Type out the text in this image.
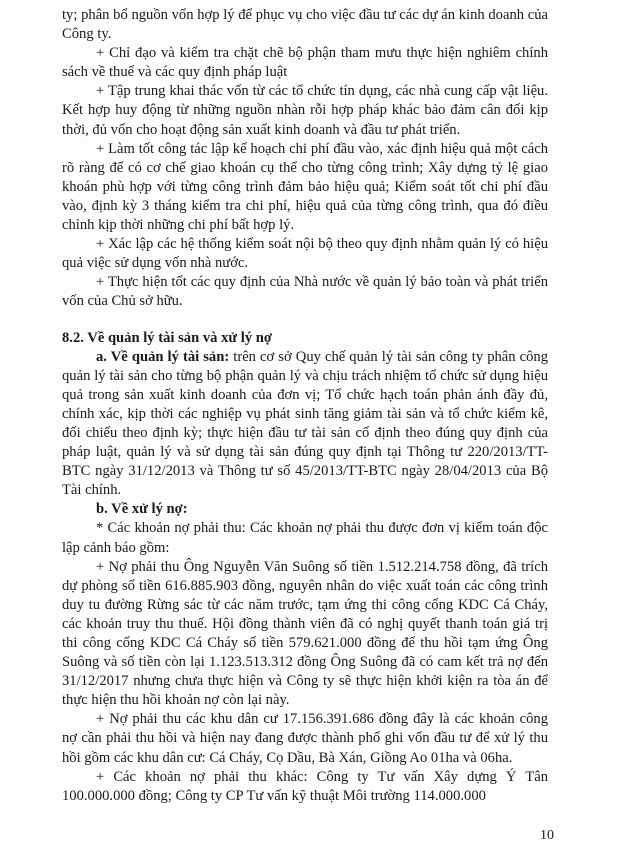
ty; phân bổ nguồn vốn hợp lý để phục vụ cho việc đầu tư các dự án kinh doanh của Công ty.

+ Chỉ đạo và kiểm tra chặt chẽ bộ phận tham mưu thực hiện nghiêm chính sách về thuế và các quy định pháp luật

+ Tập trung khai thác vốn từ các tổ chức tín dụng, các nhà cung cấp vật liệu. Kết hợp huy động từ những nguồn nhàn rỗi hợp pháp khác bảo đảm cân đối kịp thời, đủ vốn cho hoạt động sản xuất kinh doanh và đầu tư phát triển.

+ Làm tốt công tác lập kế hoạch chi phí đầu vào, xác định hiệu quả một cách rõ ràng để có cơ chế giao khoán cụ thể cho từng công trình; Xây dựng tỷ lệ giao khoán phù hợp với từng công trình đảm bảo hiệu quả; Kiểm soát tốt chi phí đầu vào, định kỳ 3 tháng kiểm tra chi phí, hiệu quả của từng công trình, qua đó điều chỉnh kịp thời những chi phí bất hợp lý.

+ Xác lập các hệ thống kiểm soát nội bộ theo quy định nhằm quản lý có hiệu quả việc sử dụng vốn nhà nước.

+ Thực hiện tốt các quy định của Nhà nước về quản lý bảo toàn và phát triển vốn của Chủ sở hữu.

8.2. Về quản lý tài sản và xử lý nợ

a. Về quản lý tài sản: trên cơ sở Quy chế quản lý tài sản công ty phân công quản lý tài sản cho từng bộ phận quản lý và chịu trách nhiệm tổ chức sử dụng hiệu quả trong sản xuất kinh doanh của đơn vị; Tổ chức hạch toán phản ánh đầy đủ, chính xác, kịp thời các nghiệp vụ phát sinh tăng giảm tài sản và tổ chức kiểm kê, đối chiếu theo định kỳ; thực hiện đầu tư tài sản cố định theo đúng quy định của pháp luật, quản lý và sử dụng tài sản đúng quy định tại Thông tư 220/2013/TT-BTC ngày 31/12/2013 và Thông tư số 45/2013/TT-BTC ngày 28/04/2013 của Bộ Tài chính.

b. Về xử lý nợ:

* Các khoản nợ phải thu: Các khoản nợ phải thu được đơn vị kiểm toán độc lập cảnh báo gồm:

+ Nợ phải thu Ông Nguyễn Văn Suông số tiền 1.512.214.758 đồng, đã trích dự phòng số tiền 616.885.903 đồng, nguyên nhân do việc xuất toán các công trình duy tu đường Rừng sác từ các năm trước, tạm ứng thi công cống KDC Cá Cháy, các khoản truy thu thuế. Hội đồng thành viên đã có nghị quyết thanh toán giá trị thi công cống KDC Cá Cháy số tiền 579.621.000 đồng để thu hồi tạm ứng Ông Suông và số tiền còn lại 1.123.513.312 đồng Ông Suông đã có cam kết trả nợ đến 31/12/2017 nhưng chưa thực hiện và Công ty sẽ thực hiện khởi kiện ra tòa án để thực hiện thu hồi khoản nợ còn lại này.

+ Nợ phải thu các khu dân cư 17.156.391.686 đồng đây là các khoản công nợ cần phải thu hồi và hiện nay đang được thành phố ghi vốn đầu tư để xử lý thu hồi gồm các khu dân cư: Cá Cháy, Cọ Dầu, Bà Xán, Giồng Ao 01ha và 06ha.

+ Các khoản nợ phải thu khác: Công ty Tư vấn Xây dựng Ý Tân 100.000.000 đồng; Công ty CP Tư vấn kỹ thuật Môi trường 114.000.000

10
